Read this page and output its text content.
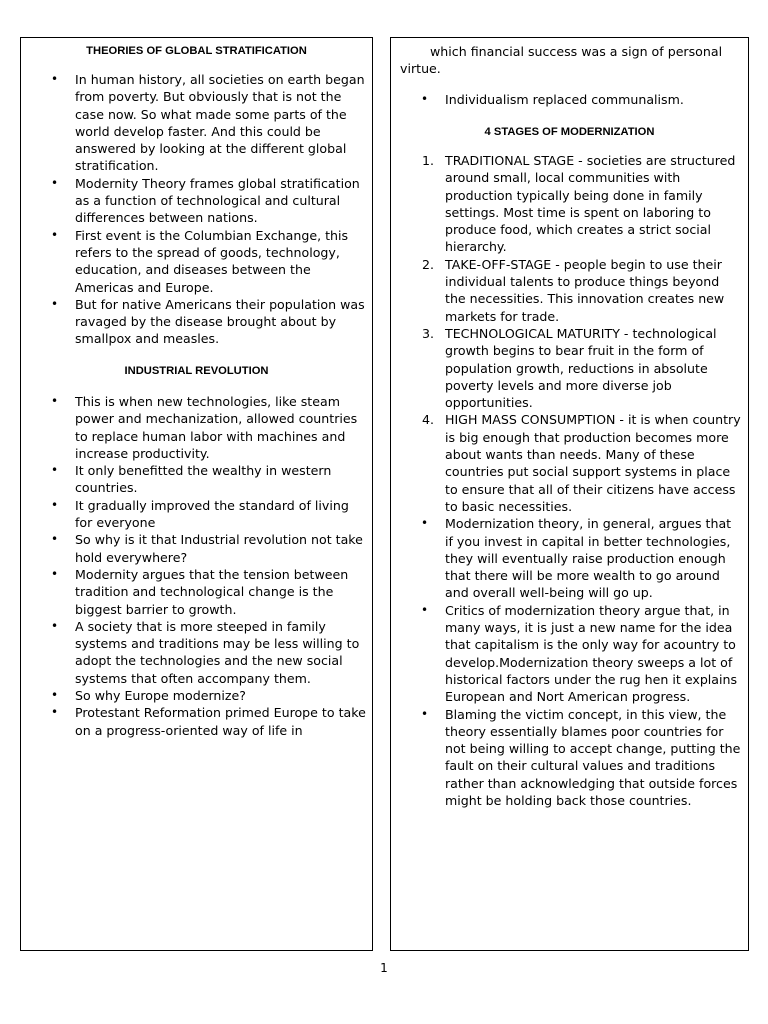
THEORIES OF GLOBAL STRATIFICATION

• In human history, all societies on earth began from poverty. But obviously that is not the case now. So what made some parts of the world develop faster. And this could be answered by looking at the different global stratification.
• Modernity Theory frames global stratification as a function of technological and cultural differences between nations.
• First event is the Columbian Exchange, this refers to the spread of goods, technology, education, and diseases between the Americas and Europe.
• But for native Americans their population was ravaged by the disease brought about by smallpox and measles.

INDUSTRIAL REVOLUTION

• This is when new technologies, like steam power and mechanization, allowed countries to replace human labor with machines and increase productivity.
• It only benefitted the wealthy in western countries.
• It gradually improved the standard of living for everyone
• So why is it that Industrial revolution not take hold everywhere?
• Modernity argues that the tension between tradition and technological change is the biggest barrier to growth.
• A society that is more steeped in family systems and traditions may be less willing to adopt the technologies and the new social systems that often accompany them.
• So why Europe modernize?
• Protestant Reformation primed Europe to take on a progress-oriented way of life in

which financial success was a sign of personal virtue.

• Individualism replaced communalism.

4 STAGES OF MODERNIZATION

1. TRADITIONAL STAGE - societies are structured around small, local communities with production typically being done in family settings. Most time is spent on laboring to produce food, which creates a strict social hierarchy.
2. TAKE-OFF-STAGE - people begin to use their individual talents to produce things beyond the necessities. This innovation creates new markets for trade.
3. TECHNOLOGICAL MATURITY - technological growth begins to bear fruit in the form of population growth, reductions in absolute poverty levels and more diverse job opportunities.
4. HIGH MASS CONSUMPTION - it is when country is big enough that production becomes more about wants than needs. Many of these countries put social support systems in place to ensure that all of their citizens have access to basic necessities.
• Modernization theory, in general, argues that if you invest in capital in better technologies, they will eventually raise production enough that there will be more wealth to go around and overall well-being will go up.
• Critics of modernization theory argue that, in many ways, it is just a new name for the idea that capitalism is the only way for acountry to develop.Modernization theory sweeps a lot of historical factors under the rug hen it explains European and Nort American progress.
• Blaming the victim concept, in this view, the theory essentially blames poor countries for not being willing to accept change, putting the fault on their cultural values and traditions rather than acknowledging that outside forces might be holding back those countries.
1
